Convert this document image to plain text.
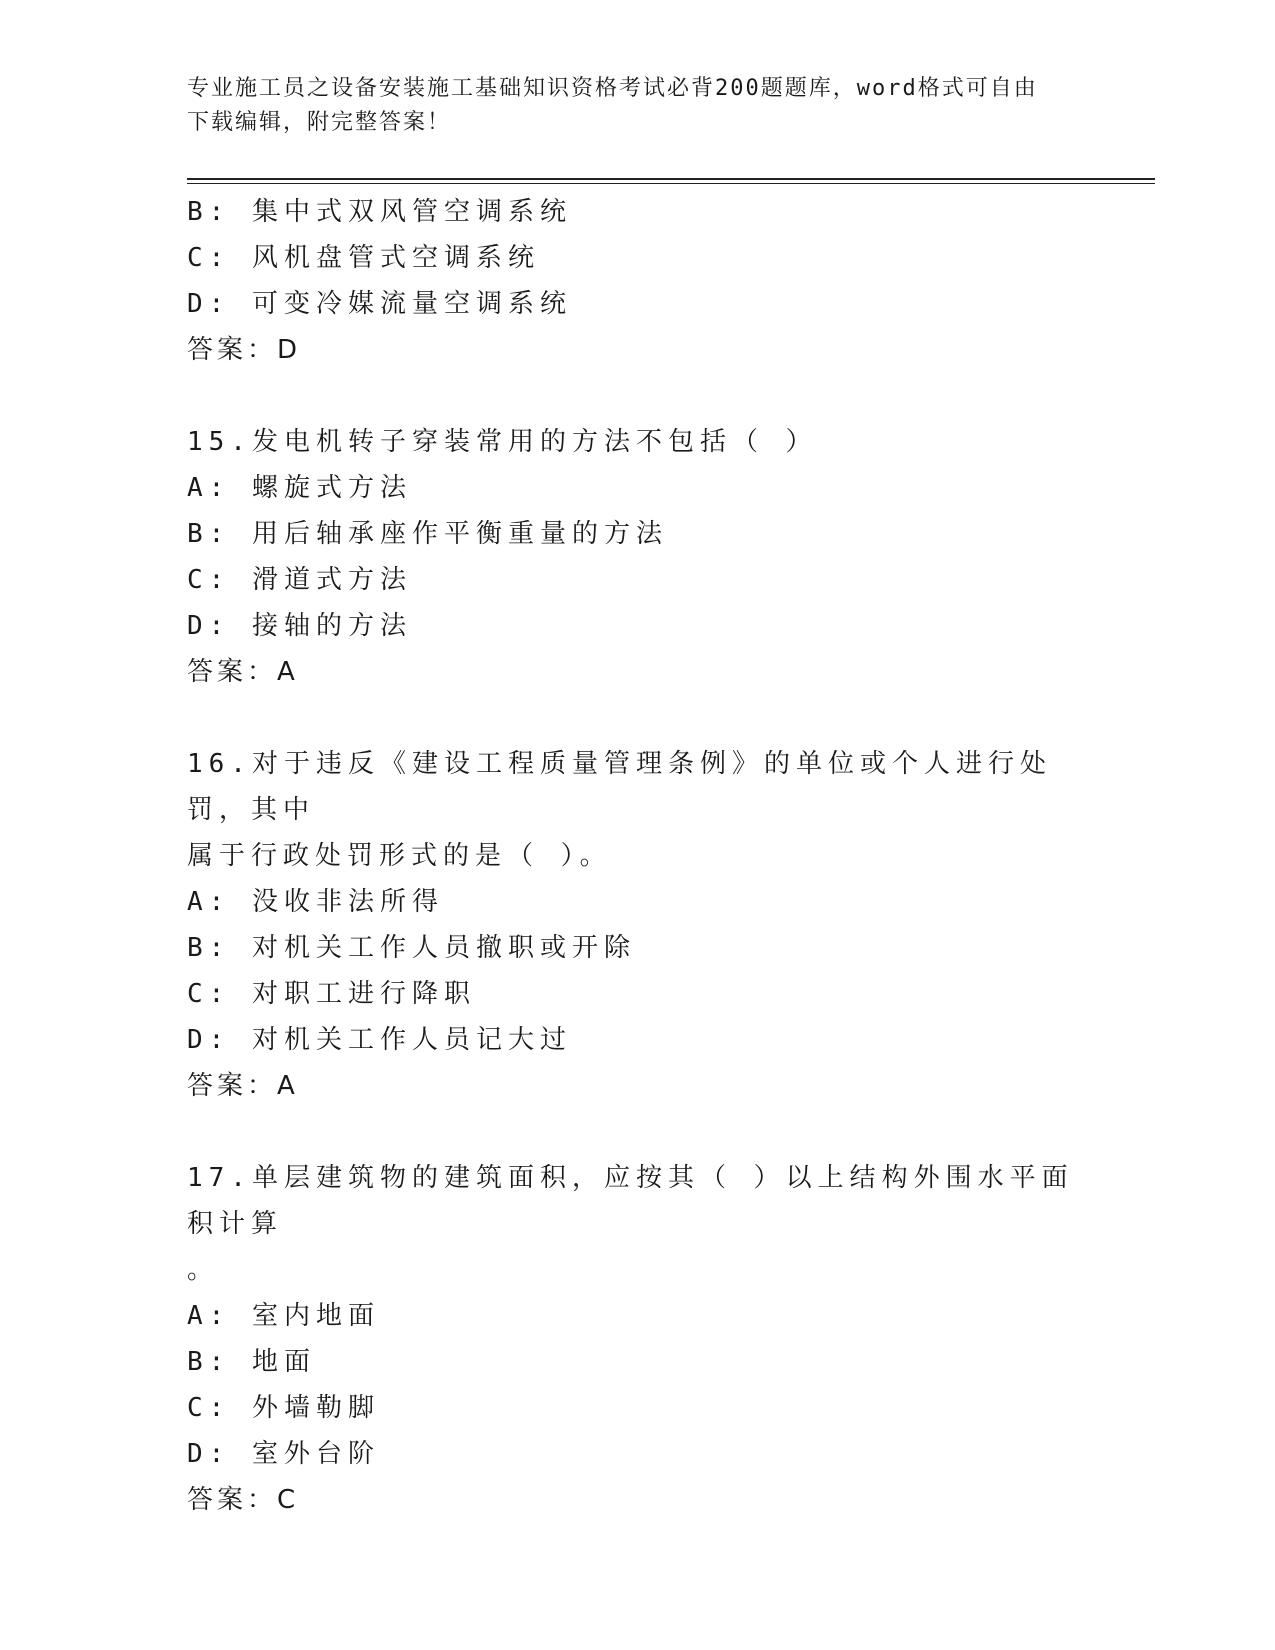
专业施工员之设备安装施工基础知识资格考试必背200题题库，word格式可自由
下载编辑，附完整答案！
B: 集中式双风管空调系统
C: 风机盘管式空调系统
D: 可变冷媒流量空调系统
答案：D
15.发电机转子穿装常用的方法不包括（ ）
A: 螺旋式方法
B: 用后轴承座作平衡重量的方法
C: 滑道式方法
D: 接轴的方法
答案：A
16.对于违反《建设工程质量管理条例》的单位或个人进行处罚，其中
属于行政处罚形式的是（ ）。
A: 没收非法所得
B: 对机关工作人员撤职或开除
C: 对职工进行降职
D: 对机关工作人员记大过
答案：A
17.单层建筑物的建筑面积，应按其（ ）以上结构外围水平面积计算
。
A: 室内地面
B: 地面
C: 外墙勒脚
D: 室外台阶
答案：C
